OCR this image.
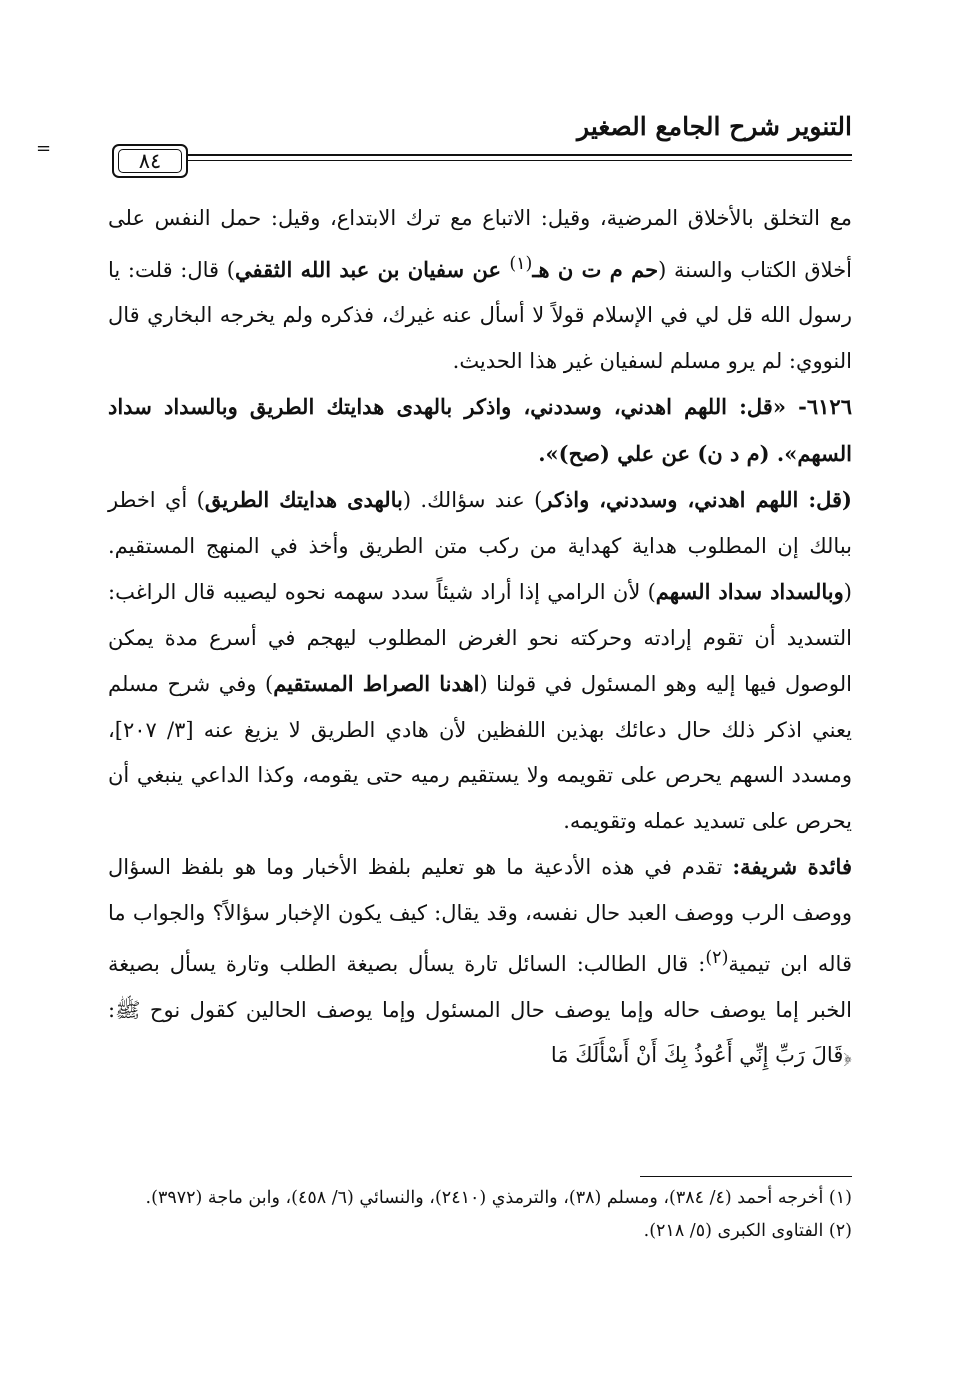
التنوير شرح الجامع الصغير
٨٤
=

مع التخلق بالأخلاق المرضية، وقيل: الاتباع مع ترك الابتداع، وقيل: حمل النفس على أخلاق الكتاب والسنة (حم م ت ن هـ$^{(١)}$ عن سفيان بن عبد الله الثقفي) قال: قلت: يا رسول الله قل لي في الإسلام قولاً لا أسأل عنه غيرك، فذكره ولم يخرجه البخاري قال النووي: لم يرو مسلم لسفيان غير هذا الحديث.

٦١٢٦- «قل: اللهم اهدني، وسددني، واذكر بالهدى هدايتك الطريق وبالسداد سداد السهم». (م د ن) عن علي (صح)».

(قل: اللهم اهدني، وسددني، واذكر) عند سؤالك. (بالهدى هدايتك الطريق) أي اخطر ببالك إن المطلوب هداية كهداية من ركب متن الطريق وأخذ في المنهج المستقيم. (وبالسداد سداد السهم) لأن الرامي إذا أراد شيئاً سدد سهمه نحوه ليصيبه قال الراغب: التسديد أن تقوم إرادته وحركته نحو الغرض المطلوب ليهجم في أسرع مدة يمكن الوصول فيها إليه وهو المسئول في قولنا (اهدنا الصراط المستقيم) وفي شرح مسلم يعني اذكر ذلك حال دعائك بهذين اللفظين لأن هادي الطريق لا يزيغ عنه [٣/ ٢٠٧]، ومسدد السهم يحرص على تقويمه ولا يستقيم رميه حتى يقومه، وكذا الداعي ينبغي أن يحرص على تسديد عمله وتقويمه.

فائدة شريفة: تقدم في هذه الأدعية ما هو تعليم بلفظ الأخبار وما هو بلفظ السؤال ووصف الرب ووصف العبد حال نفسه، وقد يقال: كيف يكون الإخبار سؤالاً؟ والجواب ما قاله ابن تيمية$^{(٢)}$: قال الطالب: السائل تارة يسأل بصيغة الطلب وتارة يسأل بصيغة الخبر إما يوصف حاله وإما يوصف حال المسئول وإما يوصف الحالين كقول نوح ﷺ: ﴿قَالَ رَبِّ إِنِّي أَعُوذُ بِكَ أَنْ أَسْأَلَكَ مَا

(١) أخرجه أحمد (٤/ ٣٨٤)، ومسلم (٣٨)، والترمذي (٢٤١٠)، والنسائي (٦/ ٤٥٨)، وابن ماجة (٣٩٧٢).

(٢) الفتاوى الكبرى (٥/ ٢١٨).
